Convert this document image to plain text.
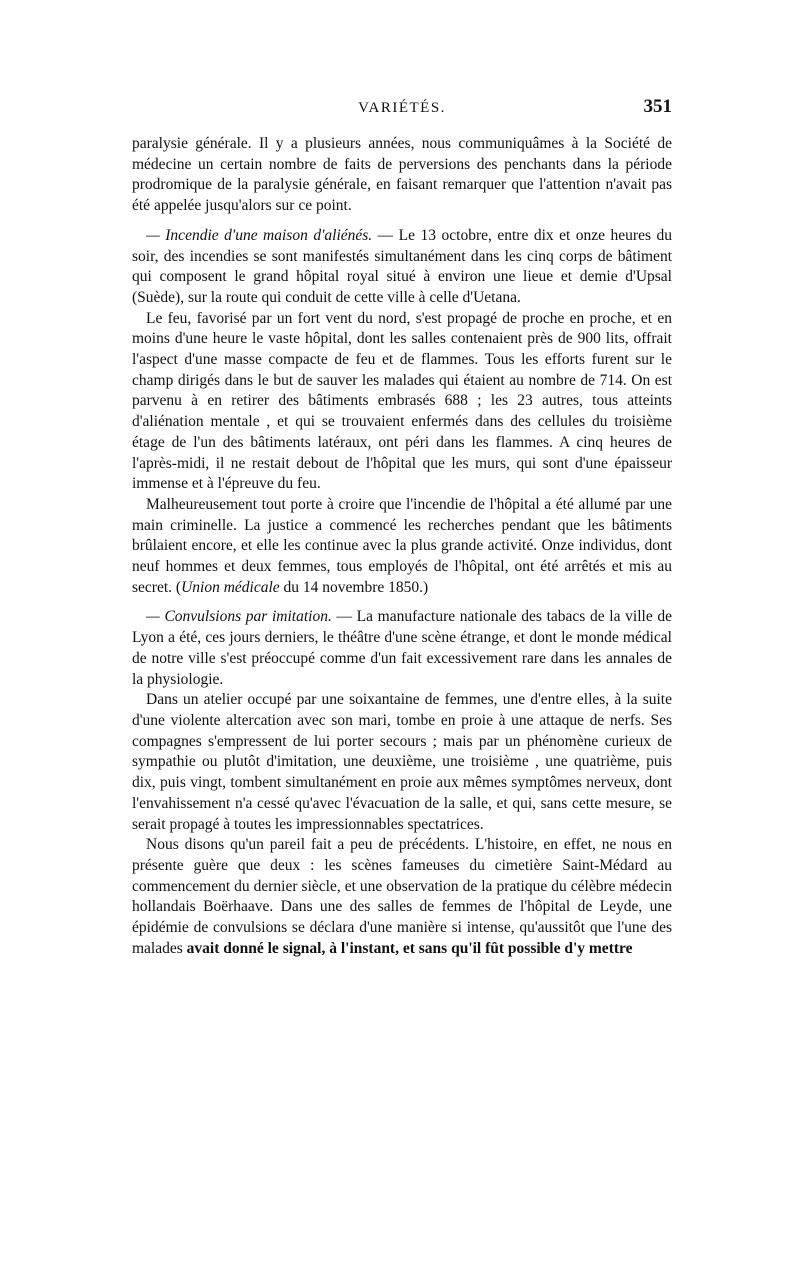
VARIÉTÉS.	351

paralysie générale. Il y a plusieurs années, nous communiquâmes à la Société de médecine un certain nombre de faits de perversions des penchants dans la période prodromique de la paralysie générale, en faisant remarquer que l'attention n'avait pas été appelée jusqu'alors sur ce point.

— Incendie d'une maison d'aliénés. — Le 13 octobre, entre dix et onze heures du soir, des incendies se sont manifestés simultanément dans les cinq corps de bâtiment qui composent le grand hôpital royal situé à environ une lieue et demie d'Upsal (Suède), sur la route qui conduit de cette ville à celle d'Uetana.

Le feu, favorisé par un fort vent du nord, s'est propagé de proche en proche, et en moins d'une heure le vaste hôpital, dont les salles contenaient près de 900 lits, offrait l'aspect d'une masse compacte de feu et de flammes. Tous les efforts furent sur le champ dirigés dans le but de sauver les malades qui étaient au nombre de 714. On est parvenu à en retirer des bâtiments embrasés 688 ; les 23 autres, tous atteints d'aliénation mentale , et qui se trouvaient enfermés dans des cellules du troisième étage de l'un des bâtiments latéraux, ont péri dans les flammes. A cinq heures de l'après-midi, il ne restait debout de l'hôpital que les murs, qui sont d'une épaisseur immense et à l'épreuve du feu.

Malheureusement tout porte à croire que l'incendie de l'hôpital a été allumé par une main criminelle. La justice a commencé les recherches pendant que les bâtiments brûlaient encore, et elle les continue avec la plus grande activité. Onze individus, dont neuf hommes et deux femmes, tous employés de l'hôpital, ont été arrêtés et mis au secret. (Union médicale du 14 novembre 1850.)

— Convulsions par imitation. — La manufacture nationale des tabacs de la ville de Lyon a été, ces jours derniers, le théâtre d'une scène étrange, et dont le monde médical de notre ville s'est préoccupé comme d'un fait excessivement rare dans les annales de la physiologie.

Dans un atelier occupé par une soixantaine de femmes, une d'entre elles, à la suite d'une violente altercation avec son mari, tombe en proie à une attaque de nerfs. Ses compagnes s'empressent de lui porter secours ; mais par un phénomène curieux de sympathie ou plutôt d'imitation, une deuxième, une troisième , une quatrième, puis dix, puis vingt, tombent simultanément en proie aux mêmes symptômes nerveux, dont l'envahissement n'a cessé qu'avec l'évacuation de la salle, et qui, sans cette mesure, se serait propagé à toutes les impressionnables spectatrices.

Nous disons qu'un pareil fait a peu de précédents. L'histoire, en effet, ne nous en présente guère que deux : les scènes fameuses du cimetière Saint-Médard au commencement du dernier siècle, et une observation de la pratique du célèbre médecin hollandais Boërhaave. Dans une des salles de femmes de l'hôpital de Leyde, une épidémie de convulsions se déclara d'une manière si intense, qu'aussitôt que l'une des malades avait donné le signal, à l'instant, et sans qu'il fût possible d'y mettre
